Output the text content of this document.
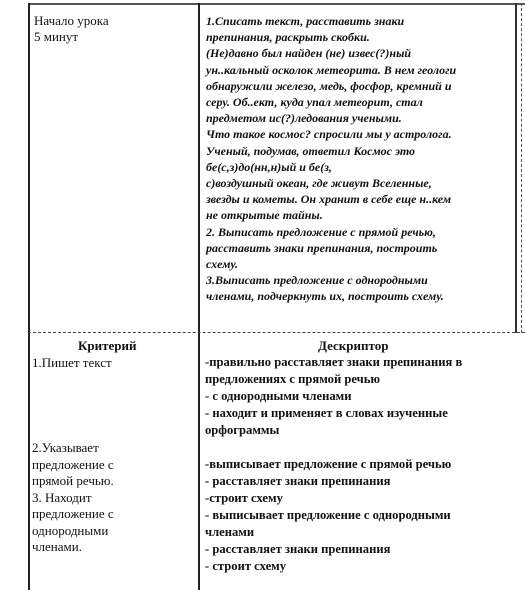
Начало урока
5 минут
1.Списать текст, расставить знаки
препинания, раскрыть скобки.
(Не)давно был найден (не) извес(?)ный
ун..кальный осколок метеорита. В нем геологи
обнаружили железо, медь, фосфор, кремний и
серу. Об..ект, куда упал метеорит, стал
предметом ис(?)ледования учеными.
Что такое космос? спросили мы у астролога.
Ученый, подумав, ответил Космос это
бе(с,з)до(нн,н)ый и бе(з,
с)воздушный океан, где живут Вселенные,
звезды и кометы. Он хранит в себе еще н..кем
не открытые тайны.
2. Выписать предложение с прямой речью,
расставить знаки препинания, построить
схему.
3.Выписать предложение с однородными
членами, подчеркнуть их, построить схему.
Критерий	Дескриптор
1.Пишет текст
2.Указывает
предложение с
прямой речью.
3. Находит
предложение с
однородными
членами.
-правильно расставляет знаки препинания в
предложениях с прямой речью
- с однородными членами
- находит и применяет в словах изученные
орфограммы
-выписывает предложение с прямой речью
- расставляет знаки препинания
-строит схему
- выписывает предложение с однородными
членами
- расставляет знаки препинания
- строит схему
